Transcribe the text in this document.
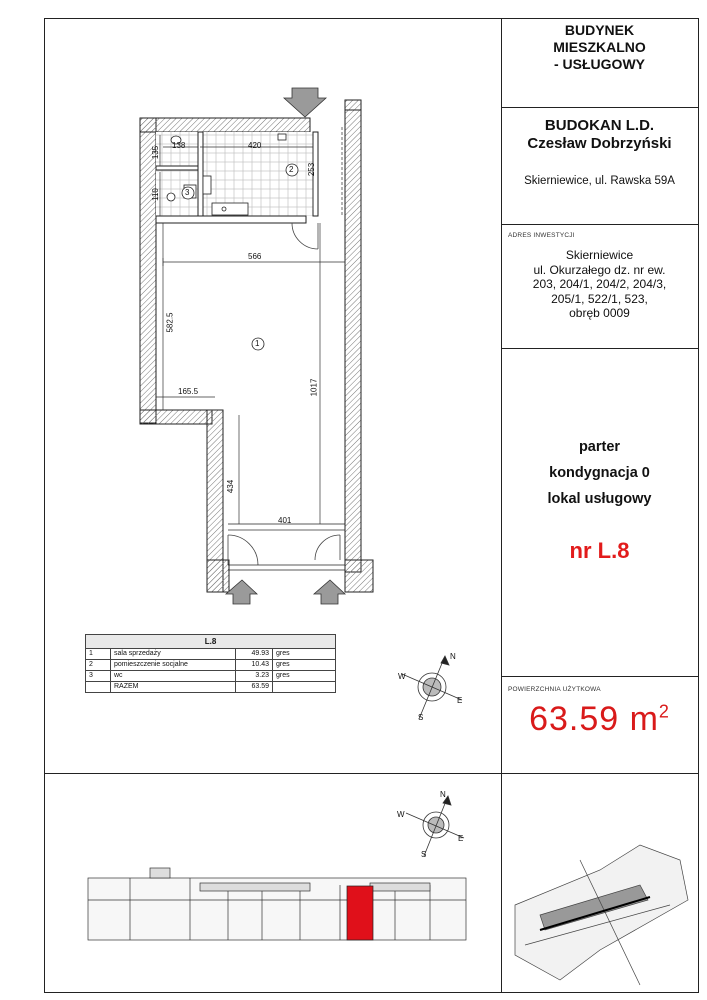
BUDYNEK
MIESZKALNO
- USŁUGOWY
BUDOKAN L.D.
Czesław Dobrzyński
Skierniewice, ul. Rawska 59A
ADRES INWESTYCJI
Skierniewice
ul. Okurzałego dz. nr ew.
203, 204/1, 204/2, 204/3,
205/1, 522/1, 523,
obręb 0009
parter
kondygnacja 0
lokal usługowy
nr L.8
POWIERZCHNIA UŻYTKOWA
63.59 $m^2$
420
138
135
110
253
566
582.5
165.5	1017
434
401
1
2
3
N
E
S
W
N
E
S
W
L.8			
1	sala sprzedaży	49.93	gres
2	pomieszczenie socjalne	10.43	gres
3	wc	3.23	gres
	RAZEM	63.59	
